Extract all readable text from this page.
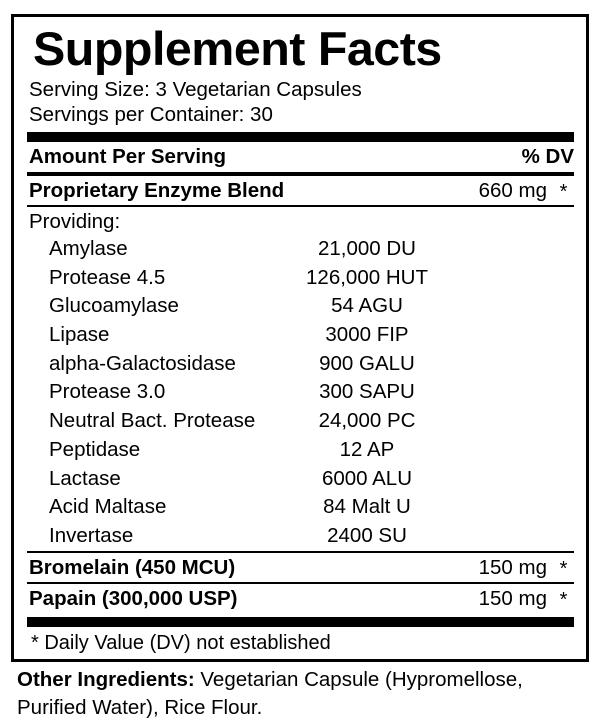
Supplement Facts
Serving Size: 3 Vegetarian Capsules
Servings per Container: 30
Amount Per Serving	% DV
Proprietary Enzyme Blend	660 mg *
Providing:
Amylase	21,000 DU
Protease 4.5	126,000 HUT
Glucoamylase	54 AGU
Lipase	3000 FIP
alpha-Galactosidase	900 GALU
Protease 3.0	300 SAPU
Neutral Bact. Protease	24,000 PC
Peptidase	12 AP
Lactase	6000 ALU
Acid Maltase	84 Malt U
Invertase	2400 SU
Bromelain (450 MCU)	150 mg *
Papain (300,000 USP)	150 mg *
* Daily Value (DV) not established
Other Ingredients: Vegetarian Capsule (Hypromellose, Purified Water), Rice Flour.
